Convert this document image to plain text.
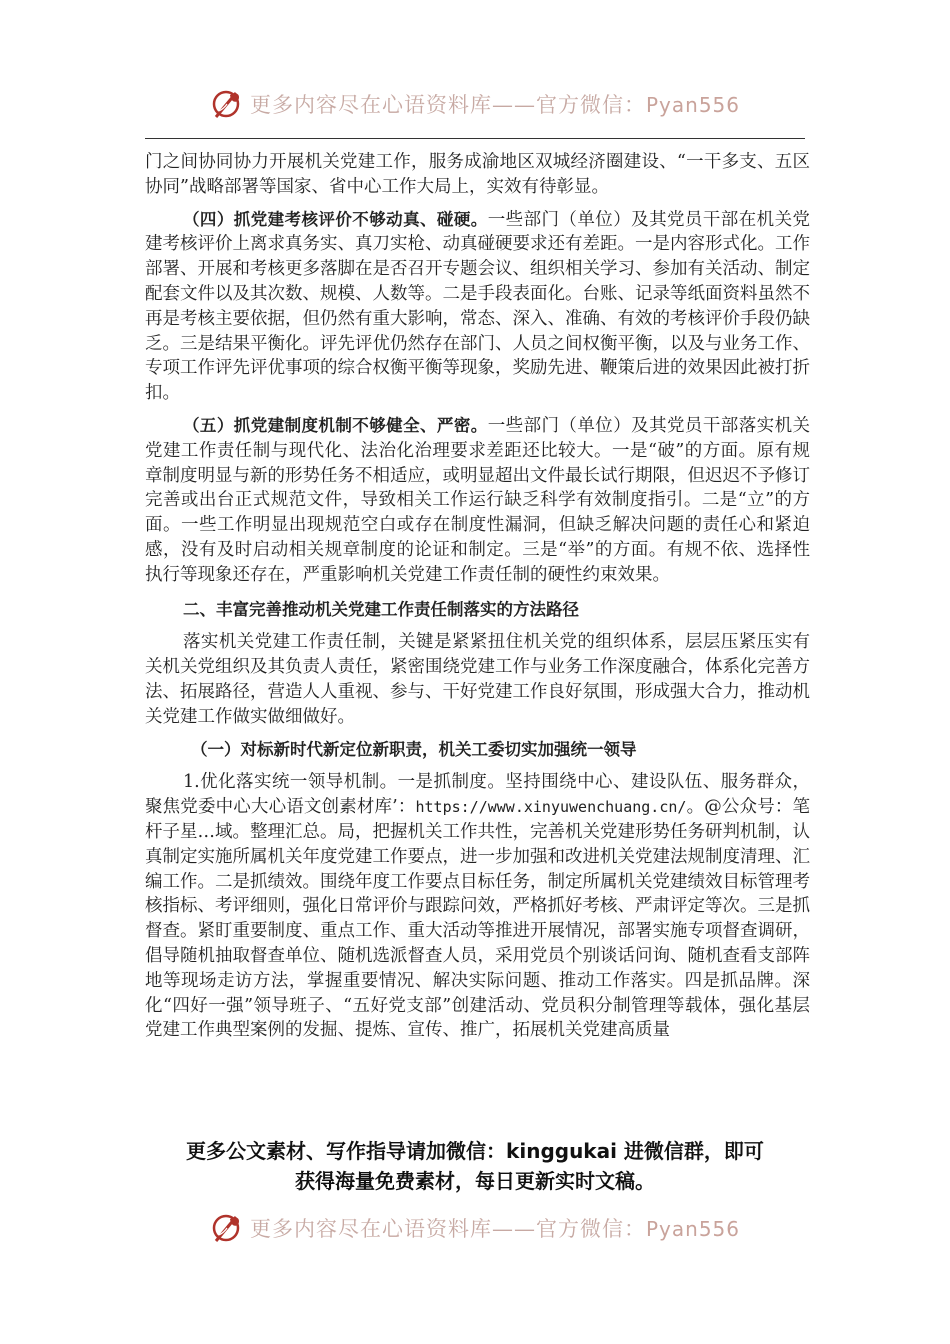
更多内容尽在心语资料库——官方微信：Pyan556

门之间协同协力开展机关党建工作，服务成渝地区双城经济圈建设、“一干多支、五区协同”战略部署等国家、省中心工作大局上，实效有待彰显。

（四）抓党建考核评价不够动真、碰硬。一些部门（单位）及其党员干部在机关党建考核评价上离求真务实、真刀实枪、动真碰硬要求还有差距。一是内容形式化。工作部署、开展和考核更多落脚在是否召开专题会议、组织相关学习、参加有关活动、制定配套文件以及其次数、规模、人数等。二是手段表面化。台账、记录等纸面资料虽然不再是考核主要依据，但仍然有重大影响，常态、深入、准确、有效的考核评价手段仍缺乏。三是结果平衡化。评先评优仍然存在部门、人员之间权衡平衡，以及与业务工作、专项工作评先评优事项的综合权衡平衡等现象，奖励先进、鞭策后进的效果因此被打折扣。

（五）抓党建制度机制不够健全、严密。一些部门（单位）及其党员干部落实机关党建工作责任制与现代化、法治化治理要求差距还比较大。一是“破”的方面。原有规章制度明显与新的形势任务不相适应，或明显超出文件最长试行期限，但迟迟不予修订完善或出台正式规范文件，导致相关工作运行缺乏科学有效制度指引。二是“立”的方面。一些工作明显出现规范空白或存在制度性漏洞，但缺乏解决问题的责任心和紧迫感，没有及时启动相关规章制度的论证和制定。三是“举”的方面。有规不依、选择性执行等现象还存在，严重影响机关党建工作责任制的硬性约束效果。

二、丰富完善推动机关党建工作责任制落实的方法路径

落实机关党建工作责任制，关键是紧紧扭住机关党的组织体系，层层压紧压实有关机关党组织及其负责人责任，紧密围绕党建工作与业务工作深度融合，体系化完善方法、拓展路径，营造人人重视、参与、干好党建工作良好氛围，形成强大合力，推动机关党建工作做实做细做好。

（一）对标新时代新定位新职责，机关工委切实加强统一领导

1.优化落实统一领导机制。一是抓制度。坚持围绕中心、建设队伍、服务群众，聚焦党委中心大心语文创素材库’：https://www.xinyuwenchuang.cn/。@公众号：笔杆子星…域。整理汇总。局，把握机关工作共性，完善机关党建形势任务研判机制，认真制定实施所属机关年度党建工作要点，进一步加强和改进机关党建法规制度清理、汇编工作。二是抓绩效。围绕年度工作要点目标任务，制定所属机关党建绩效目标管理考核指标、考评细则，强化日常评价与跟踪问效，严格抓好考核、严肃评定等次。三是抓督查。紧盯重要制度、重点工作、重大活动等推进开展情况，部署实施专项督查调研，倡导随机抽取督查单位、随机选派督查人员，采用党员个别谈话问询、随机查看支部阵地等现场走访方法，掌握重要情况、解决实际问题、推动工作落实。四是抓品牌。深化“四好一强”领导班子、“五好党支部”创建活动、党员积分制管理等载体，强化基层党建工作典型案例的发掘、提炼、宣传、推广，拓展机关党建高质量

更多公文素材、写作指导请加微信：kinggukai 进微信群，即可
获得海量免费素材，每日更新实时文稿。
更多内容尽在心语资料库——官方微信：Pyan556
